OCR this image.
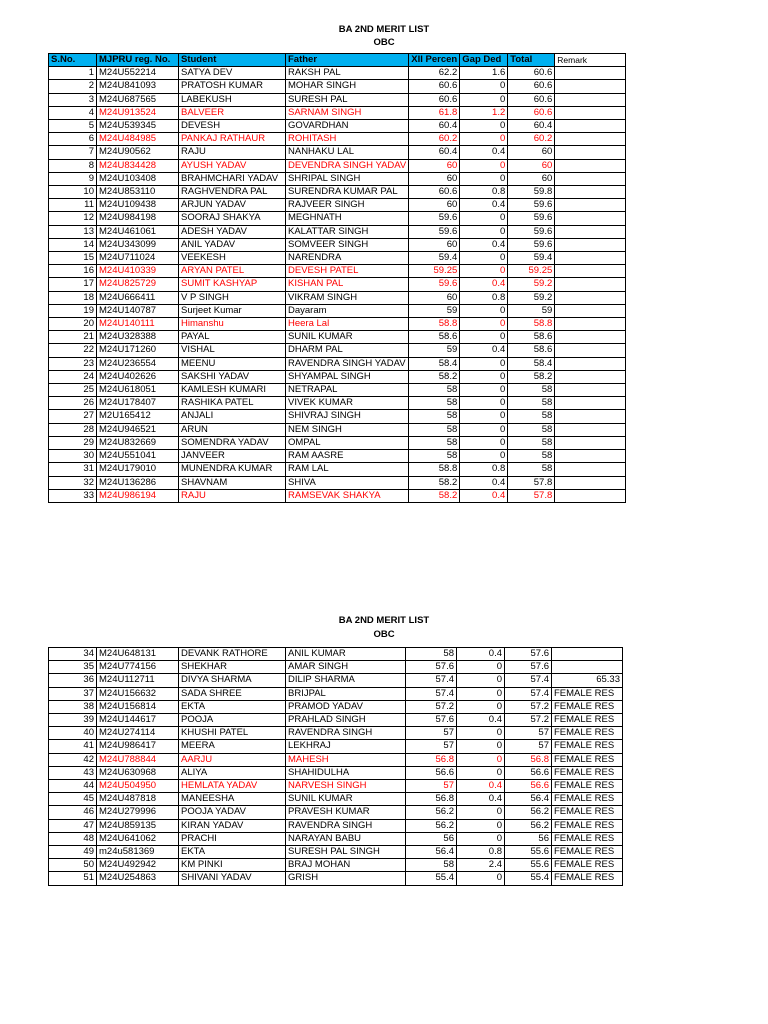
BA 2ND MERIT LIST
OBC
S.No.	MJPRU reg. No.	Student	Father	XII Percen	Gap Ded	Total	Remark
1	M24U552214	SATYA DEV	RAKSH PAL	62.2	1.6	60.6	
2	M24U841093	PRATOSH KUMAR	MOHAR SINGH	60.6	0	60.6	
3	M24U687565	LABEKUSH	SURESH PAL	60.6	0	60.6	
4	M24U913524	BALVEER	SARNAM SINGH	61.8	1.2	60.6	
5	M24U539345	DEVESH	GOVARDHAN	60.4	0	60.4	
6	M24U484985	PANKAJ RATHAUR	ROHITASH	60.2	0	60.2	
7	M24U90562	RAJU	NANHAKU LAL	60.4	0.4	60	
8	M24U834428	AYUSH YADAV	DEVENDRA SINGH YADAV	60	0	60	
9	M24U103408	BRAHMCHARI YADAV	SHRIPAL SINGH	60	0	60	
10	M24U853110	RAGHVENDRA PAL	SURENDRA KUMAR PAL	60.6	0.8	59.8	
11	M24U109438	ARJUN YADAV	RAJVEER SINGH	60	0.4	59.6	
12	M24U984198	SOORAJ SHAKYA	MEGHNATH	59.6	0	59.6	
13	M24U461061	ADESH YADAV	KALATTAR SINGH	59.6	0	59.6	
14	M24U343099	ANIL YADAV	SOMVEER SINGH	60	0.4	59.6	
15	M24U711024	VEEKESH	NARENDRA	59.4	0	59.4	
16	M24U410339	ARYAN PATEL	DEVESH PATEL	59.25	0	59.25	
17	M24U825729	SUMIT KASHYAP	KISHAN PAL	59.6	0.4	59.2	
18	M24U666411	V P SINGH	VIKRAM SINGH	60	0.8	59.2	
19	M24U140787	Surjeet Kumar	Dayaram	59	0	59	
20	M24U140111	Himanshu	Heera Lal	58.8	0	58.8	
21	M24U328388	PAYAL	SUNIL KUMAR	58.6	0	58.6	
22	M24U171260	VISHAL	DHARM PAL	59	0.4	58.6	
23	M24U236554	MEENU	RAVENDRA SINGH YADAV	58.4	0	58.4	
24	M24U402626	SAKSHI YADAV	SHYAMPAL SINGH	58.2	0	58.2	
25	M24U618051	KAMLESH KUMARI	NETRAPAL	58	0	58	
26	M24U178407	RASHIKA PATEL	VIVEK KUMAR	58	0	58	
27	M2U165412	ANJALI	SHIVRAJ SINGH	58	0	58	
28	M24U946521	ARUN	NEM SINGH	58	0	58	
29	M24U832669	SOMENDRA YADAV	OMPAL	58	0	58	
30	M24U551041	JANVEER	RAM AASRE	58	0	58	
31	M24U179010	MUNENDRA KUMAR	RAM LAL	58.8	0.8	58	
32	M24U136286	SHAVNAM	SHIVA	58.2	0.4	57.8	
33	M24U986194	RAJU	RAMSEVAK SHAKYA	58.2	0.4	57.8	
BA 2ND MERIT LIST
OBC
34	M24U648131	DEVANK RATHORE	ANIL KUMAR	58	0.4	57.6	
35	M24U774156	SHEKHAR	AMAR SINGH	57.6	0	57.6	
36	M24U112711	DIVYA SHARMA	DILIP SHARMA	57.4	0	57.4	65.33
37	M24U156632	SADA SHREE	BRIJPAL	57.4	0	57.4	FEMALE RES
38	M24U156814	EKTA	PRAMOD YADAV	57.2	0	57.2	FEMALE RES
39	M24U144617	POOJA	PRAHLAD SINGH	57.6	0.4	57.2	FEMALE RES
40	M24U274114	KHUSHI PATEL	RAVENDRA SINGH	57	0	57	FEMALE RES
41	M24U986417	MEERA	LEKHRAJ	57	0	57	FEMALE RES
42	M24U788844	AARJU	MAHESH	56.8	0	56.8	FEMALE RES
43	M24U630968	ALIYA	SHAHIDULHA	56.6	0	56.6	FEMALE RES
44	M24U504950	HEMLATA YADAV	NARVESH SINGH	57	0.4	56.6	FEMALE RES
45	M24U487818	MANEESHA	SUNIL KUMAR	56.8	0.4	56.4	FEMALE RES
46	M24U279996	POOJA YADAV	PRAVESH KUMAR	56.2	0	56.2	FEMALE RES
47	M24U859135	KIRAN YADAV	RAVENDRA SINGH	56.2	0	56.2	FEMALE RES
48	M24U641062	PRACHI	NARAYAN BABU	56	0	56	FEMALE RES
49	m24u581369	EKTA	SURESH PAL SINGH	56.4	0.8	55.6	FEMALE RES
50	M24U492942	KM PINKI	BRAJ MOHAN	58	2.4	55.6	FEMALE RES
51	M24U254863	SHIVANI YADAV	GRISH	55.4	0	55.4	FEMALE RES
